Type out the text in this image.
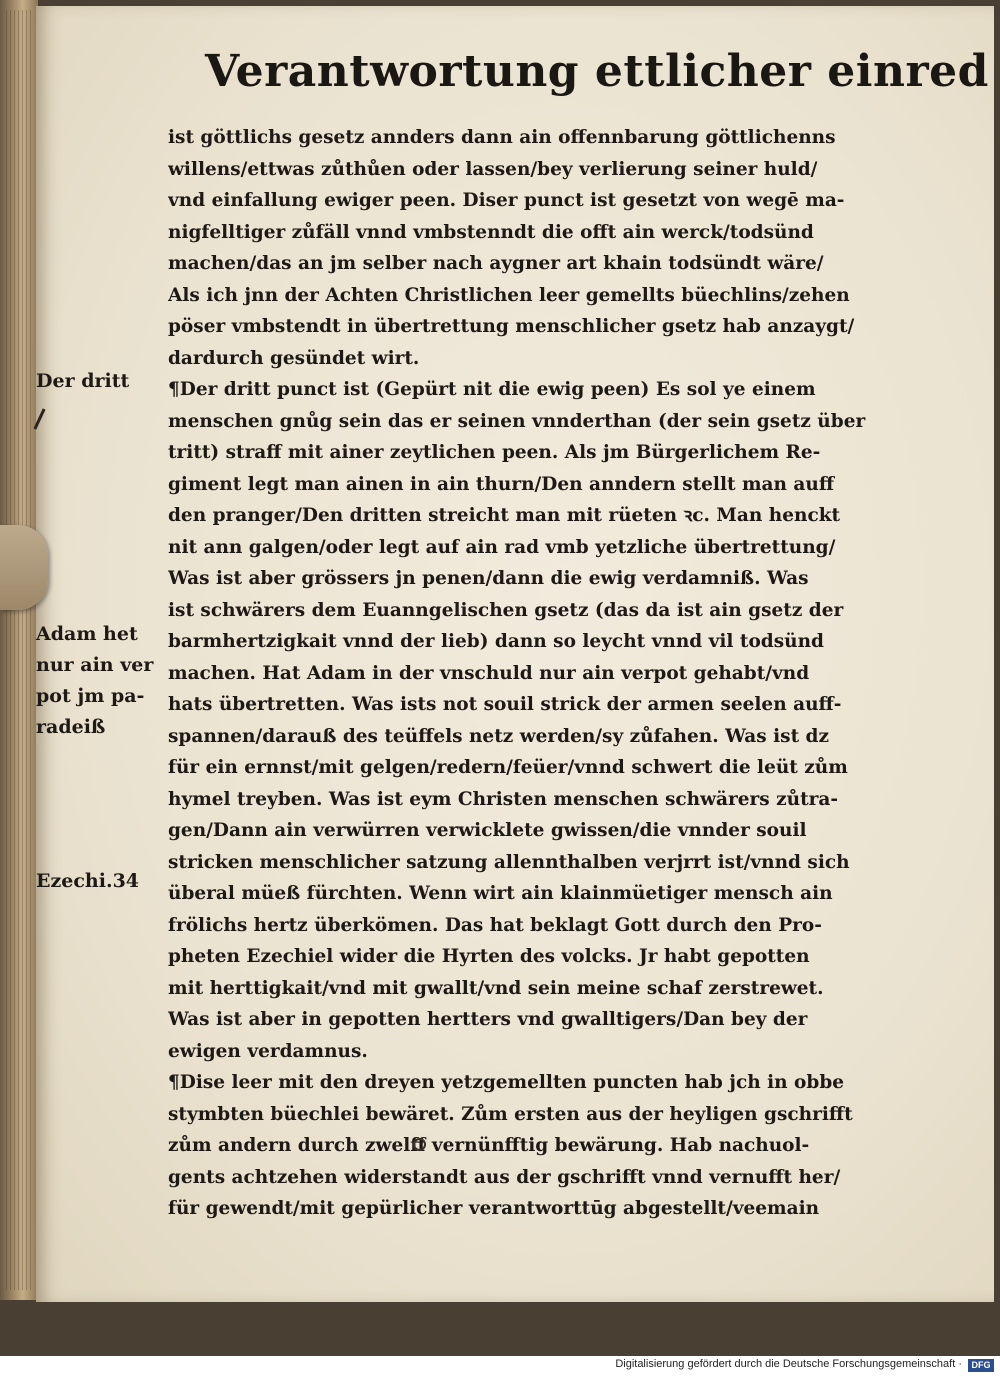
Verantwortung ettlicher einred
ist göttlichs gesetz annders dann ain offennbarung göttlichenns
willens/ettwas zůthůen oder lassen/bey verlierung seiner huld/
vnd einfallung ewiger peen. Diser punct ist gesetzt von wegē ma-
nigfelltiger zůfäll vnnd vmbstenndt die offt ain werck/todsünd
machen/das an jm selber nach aygner art khain todsündt wäre/
Als ich jnn der Achten Christlichen leer gemellts büechlins/zehen
pöser vmbstendt in übertrettung menschlicher gsetz hab anzaygt/
dardurch gesündet wirt.
¶Der dritt punct ist (Gepürt nit die ewig peen) Es sol ye einem
menschen gnůg sein das er seinen vnnderthan (der sein gsetz über
tritt) straff mit ainer zeytlichen peen. Als jm Bürgerlichem Re-
giment legt man ainen in ain thurn/Den anndern stellt man auff
den pranger/Den dritten streicht man mit rüeten ꝛc. Man henckt
nit ann galgen/oder legt auf ain rad vmb yetzliche übertrettung/
Was ist aber grössers jn penen/dann die ewig verdamniß. Was
ist schwärers dem Euanngelischen gsetz (das da ist ain gsetz der
barmhertzigkait vnnd der lieb) dann so leycht vnnd vil todsünd
machen. Hat Adam in der vnschuld nur ain verpot gehabt/vnd
hats übertretten. Was ists not souil strick der armen seelen auff-
spannen/darauß des teüffels netz werden/sy zůfahen. Was ist dz
für ein ernnst/mit gelgen/redern/feüer/vnnd schwert die leüt zům
hymel treyben. Was ist eym Christen menschen schwärers zůtra-
gen/Dann ain verwürren verwicklete gwissen/die vnnder souil
stricken menschlicher satzung allennthalben verjrrt ist/vnnd sich
überal müeß fürchten. Wenn wirt ain klainmüetiger mensch ain
frölichs hertz überkömen. Das hat beklagt Gott durch den Pro-
pheten Ezechiel wider die Hyrten des volcks. Jr habt gepotten
mit herttigkait/vnd mit gwallt/vnd sein meine schaf zerstrewet.
Was ist aber in gepotten hertters vnd gwalltigers/Dan bey der
ewigen verdamnus.
¶Dise leer mit den dreyen yetzgemellten puncten hab jch in obbe
stymbten büechlei bewäret. Zům ersten aus der heyligen gschrifft
zům andern durch zwelff vernünfftig bewärung. Hab nachuol-
gents achtzehen widerstandt aus der gschrifft vnnd vernufft her/
für gewendt/mit gepürlicher verantworttūg abgestellt/veemain
Der dritt
Adam het
nur ain ver
pot jm pa-
radeiß
Ezechi.34
Digitalisierung gefördert durch die Deutsche Forschungsgemeinschaft ·	DFG
